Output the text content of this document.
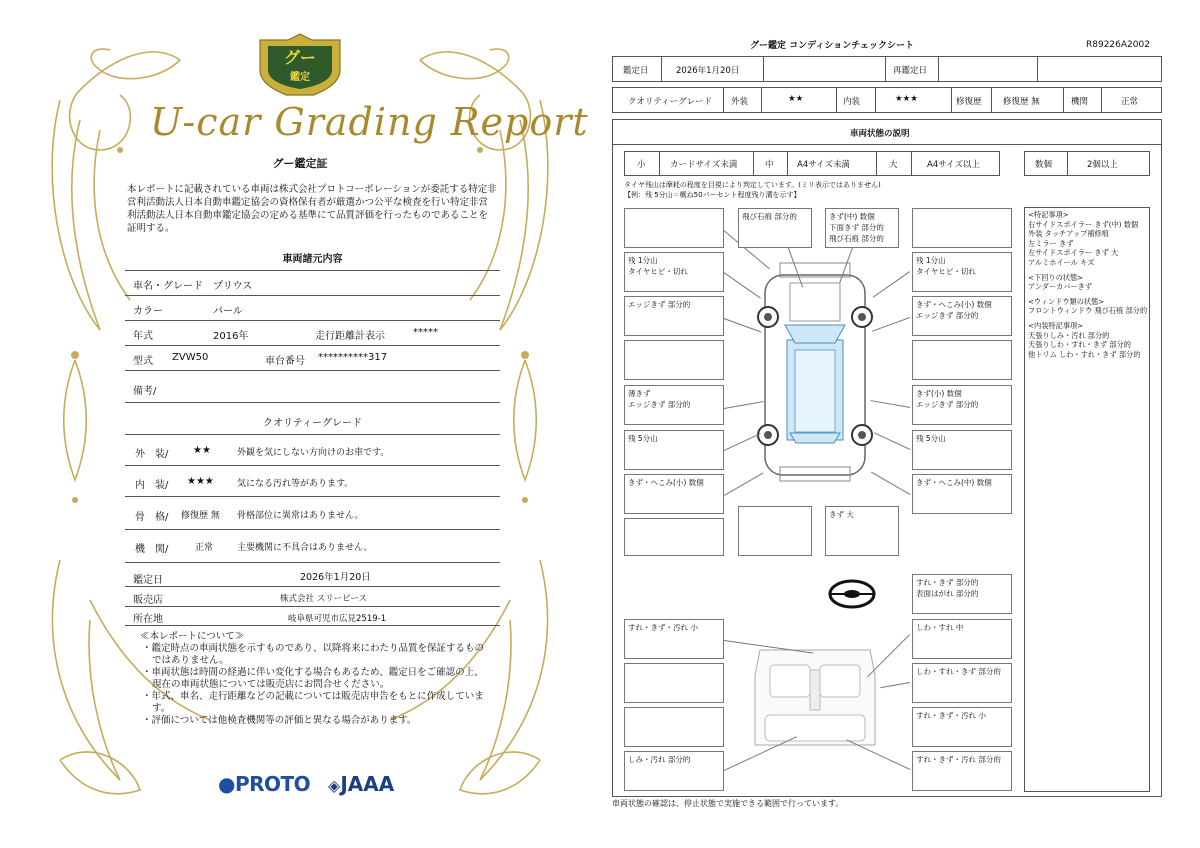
グー
鑑定
U-car Grading Report
グー鑑定証
本レポートに記載されている車両は株式会社プロトコーポレーションが委託する特定非営利活動法人日本自動車鑑定協会の資格保有者が厳選かつ公平な検査を行い特定非営利活動法人日本自動車鑑定協会の定める基準にて品質評価を行ったものであることを証明する。
車両諸元内容
車名・グレード プリウス
カラー	パール
年式	2016年	走行距離計表示	*****
型式 ZVW50	車台番号 **********317
備考/
クオリティーグレード
外　装/ ★★	外観を気にしない方向けのお車です。
内　装/ ★★★	気になる汚れ等があります。
骨　格/ 修復歴 無 骨格部位に異常はありません。
機　関/	正常	主要機関に不具合はありません。
鑑定日	2026年1月20日
販売店	株式会社 スリーピース
所在地	岐阜県可児市広見2519-1
≪本レポートについて≫
・鑑定時点の車両状態を示すものであり、以降将来にわたり品質を保証するものではありません。
・車両状態は時間の経過に伴い変化する場合もあるため、鑑定日をご確認の上、現在の車両状態については販売店にお問合せください。
・年式、車名、走行距離などの記載については販売店申告をもとに作成しています。
・評価については他検査機関等の評価と異なる場合があります。
●PROTO ◈JAAA
グー鑑定 コンディションチェックシート	R89226A2002
鑑定日	2026年1月20日	再鑑定日
クオリティーグレード 外装	★★	内装	★★★	修復歴	修復歴 無	機関	正常
車両状態の説明
小	カードサイズ未満	中	A4サイズ未満	大	A4サイズ以上	数個	2個以上
タイヤ残山は摩耗の程度を目視により判定しています。(ミリ表示ではありません)
【例：残 5分山＝概ね50パーセント程度残り溝を示す】
残 1分山
タイヤヒビ・切れ
エッジきず 部分的
薄きず
エッジきず 部分的
残 5分山
きず・へこみ(小) 数個
飛び石痕 部分的	きず(中) 数個
下面きず 部分的
飛び石痕 部分的
きず 大
残 1分山
タイヤヒビ・切れ
きず・へこみ(小) 数個
エッジきず 部分的
きず(小) 数個
エッジきず 部分的
残 5分山
きず・へこみ(中) 数個
すれ・きず 部分的
表面はがれ 部分的
すれ・きず・汚れ 小	しわ・すれ 中
しわ・すれ・きず 部分的
すれ・きず・汚れ 小
しみ・汚れ 部分的	すれ・きず・汚れ 部分的
<特記事項>
右サイドスポイラー きず(中) 数個
外装 タッチアップ補修痕
左ミラー きず
左サイドスポイラー きず 大
アルミホイール キズ
<下回りの状態>
アンダーカバーきず
<ウィンドウ類の状態>
フロントウィンドウ 飛び石痕 部分的
<内装特記事項>
天張りしみ・汚れ 部分的
天張りしわ・すれ・きず 部分的
他トリム しわ・すれ・きず 部分的
車両状態の確認は、停止状態で実施できる範囲で行っています。
